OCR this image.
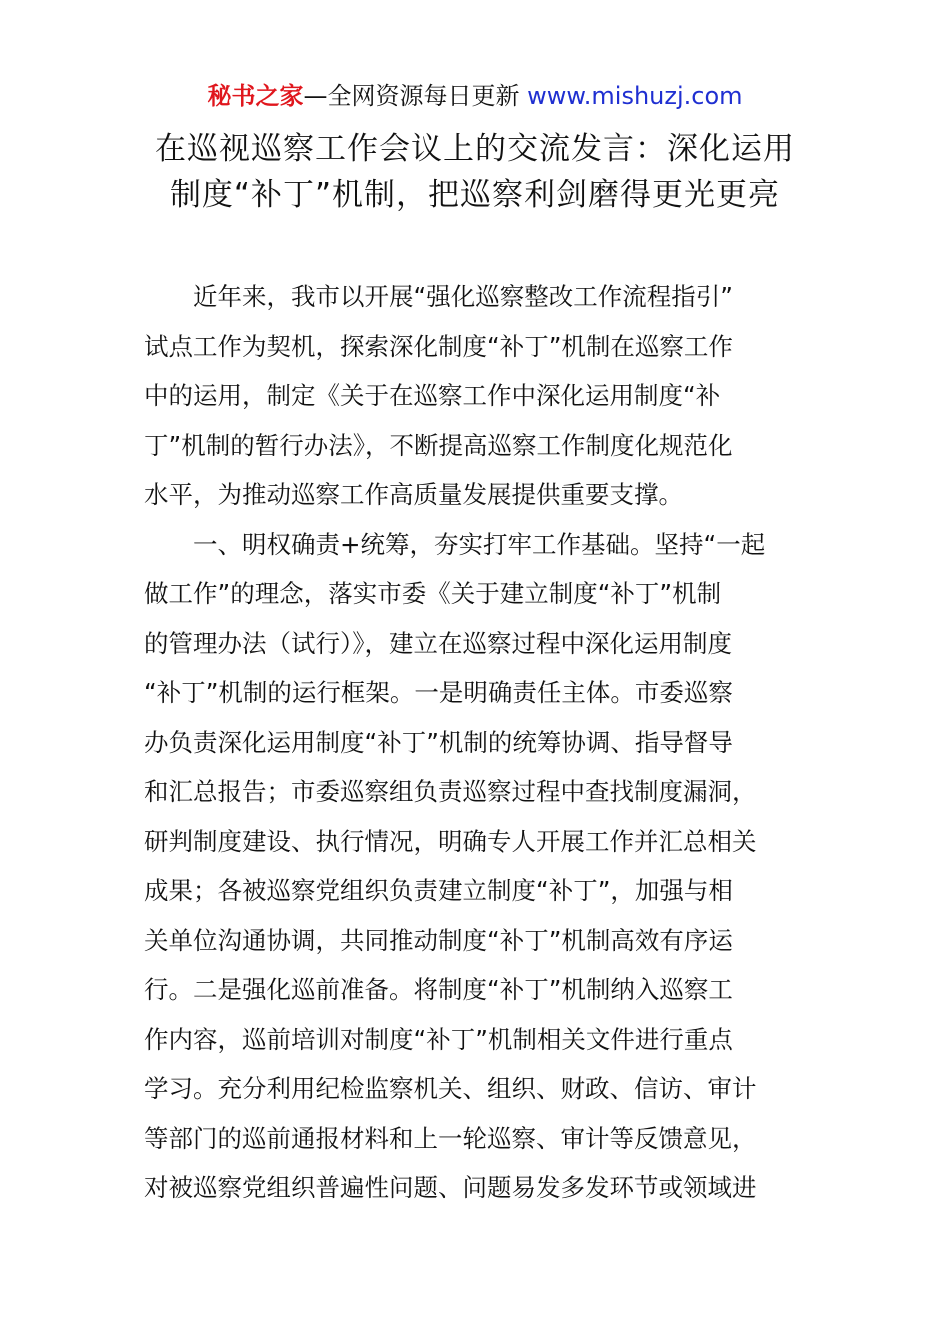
秘书之家—全网资源每日更新 www.mishuzj.com
在巡视巡察工作会议上的交流发言：深化运用
制度“补丁”机制，把巡察利剑磨得更光更亮
近年来，我市以开展“强化巡察整改工作流程指引”
试点工作为契机，探索深化制度“补丁”机制在巡察工作
中的运用，制定《关于在巡察工作中深化运用制度“补
丁”机制的暂行办法》，不断提高巡察工作制度化规范化
水平，为推动巡察工作高质量发展提供重要支撑。
一、明权确责+统筹，夯实打牢工作基础。坚持“一起
做工作”的理念，落实市委《关于建立制度“补丁”机制
的管理办法（试行）》，建立在巡察过程中深化运用制度
“补丁”机制的运行框架。一是明确责任主体。市委巡察
办负责深化运用制度“补丁”机制的统筹协调、指导督导
和汇总报告；市委巡察组负责巡察过程中查找制度漏洞，
研判制度建设、执行情况，明确专人开展工作并汇总相关
成果；各被巡察党组织负责建立制度“补丁”，加强与相
关单位沟通协调，共同推动制度“补丁”机制高效有序运
行。二是强化巡前准备。将制度“补丁”机制纳入巡察工
作内容，巡前培训对制度“补丁”机制相关文件进行重点
学习。充分利用纪检监察机关、组织、财政、信访、审计
等部门的巡前通报材料和上一轮巡察、审计等反馈意见，
对被巡察党组织普遍性问题、问题易发多发环节或领域进
